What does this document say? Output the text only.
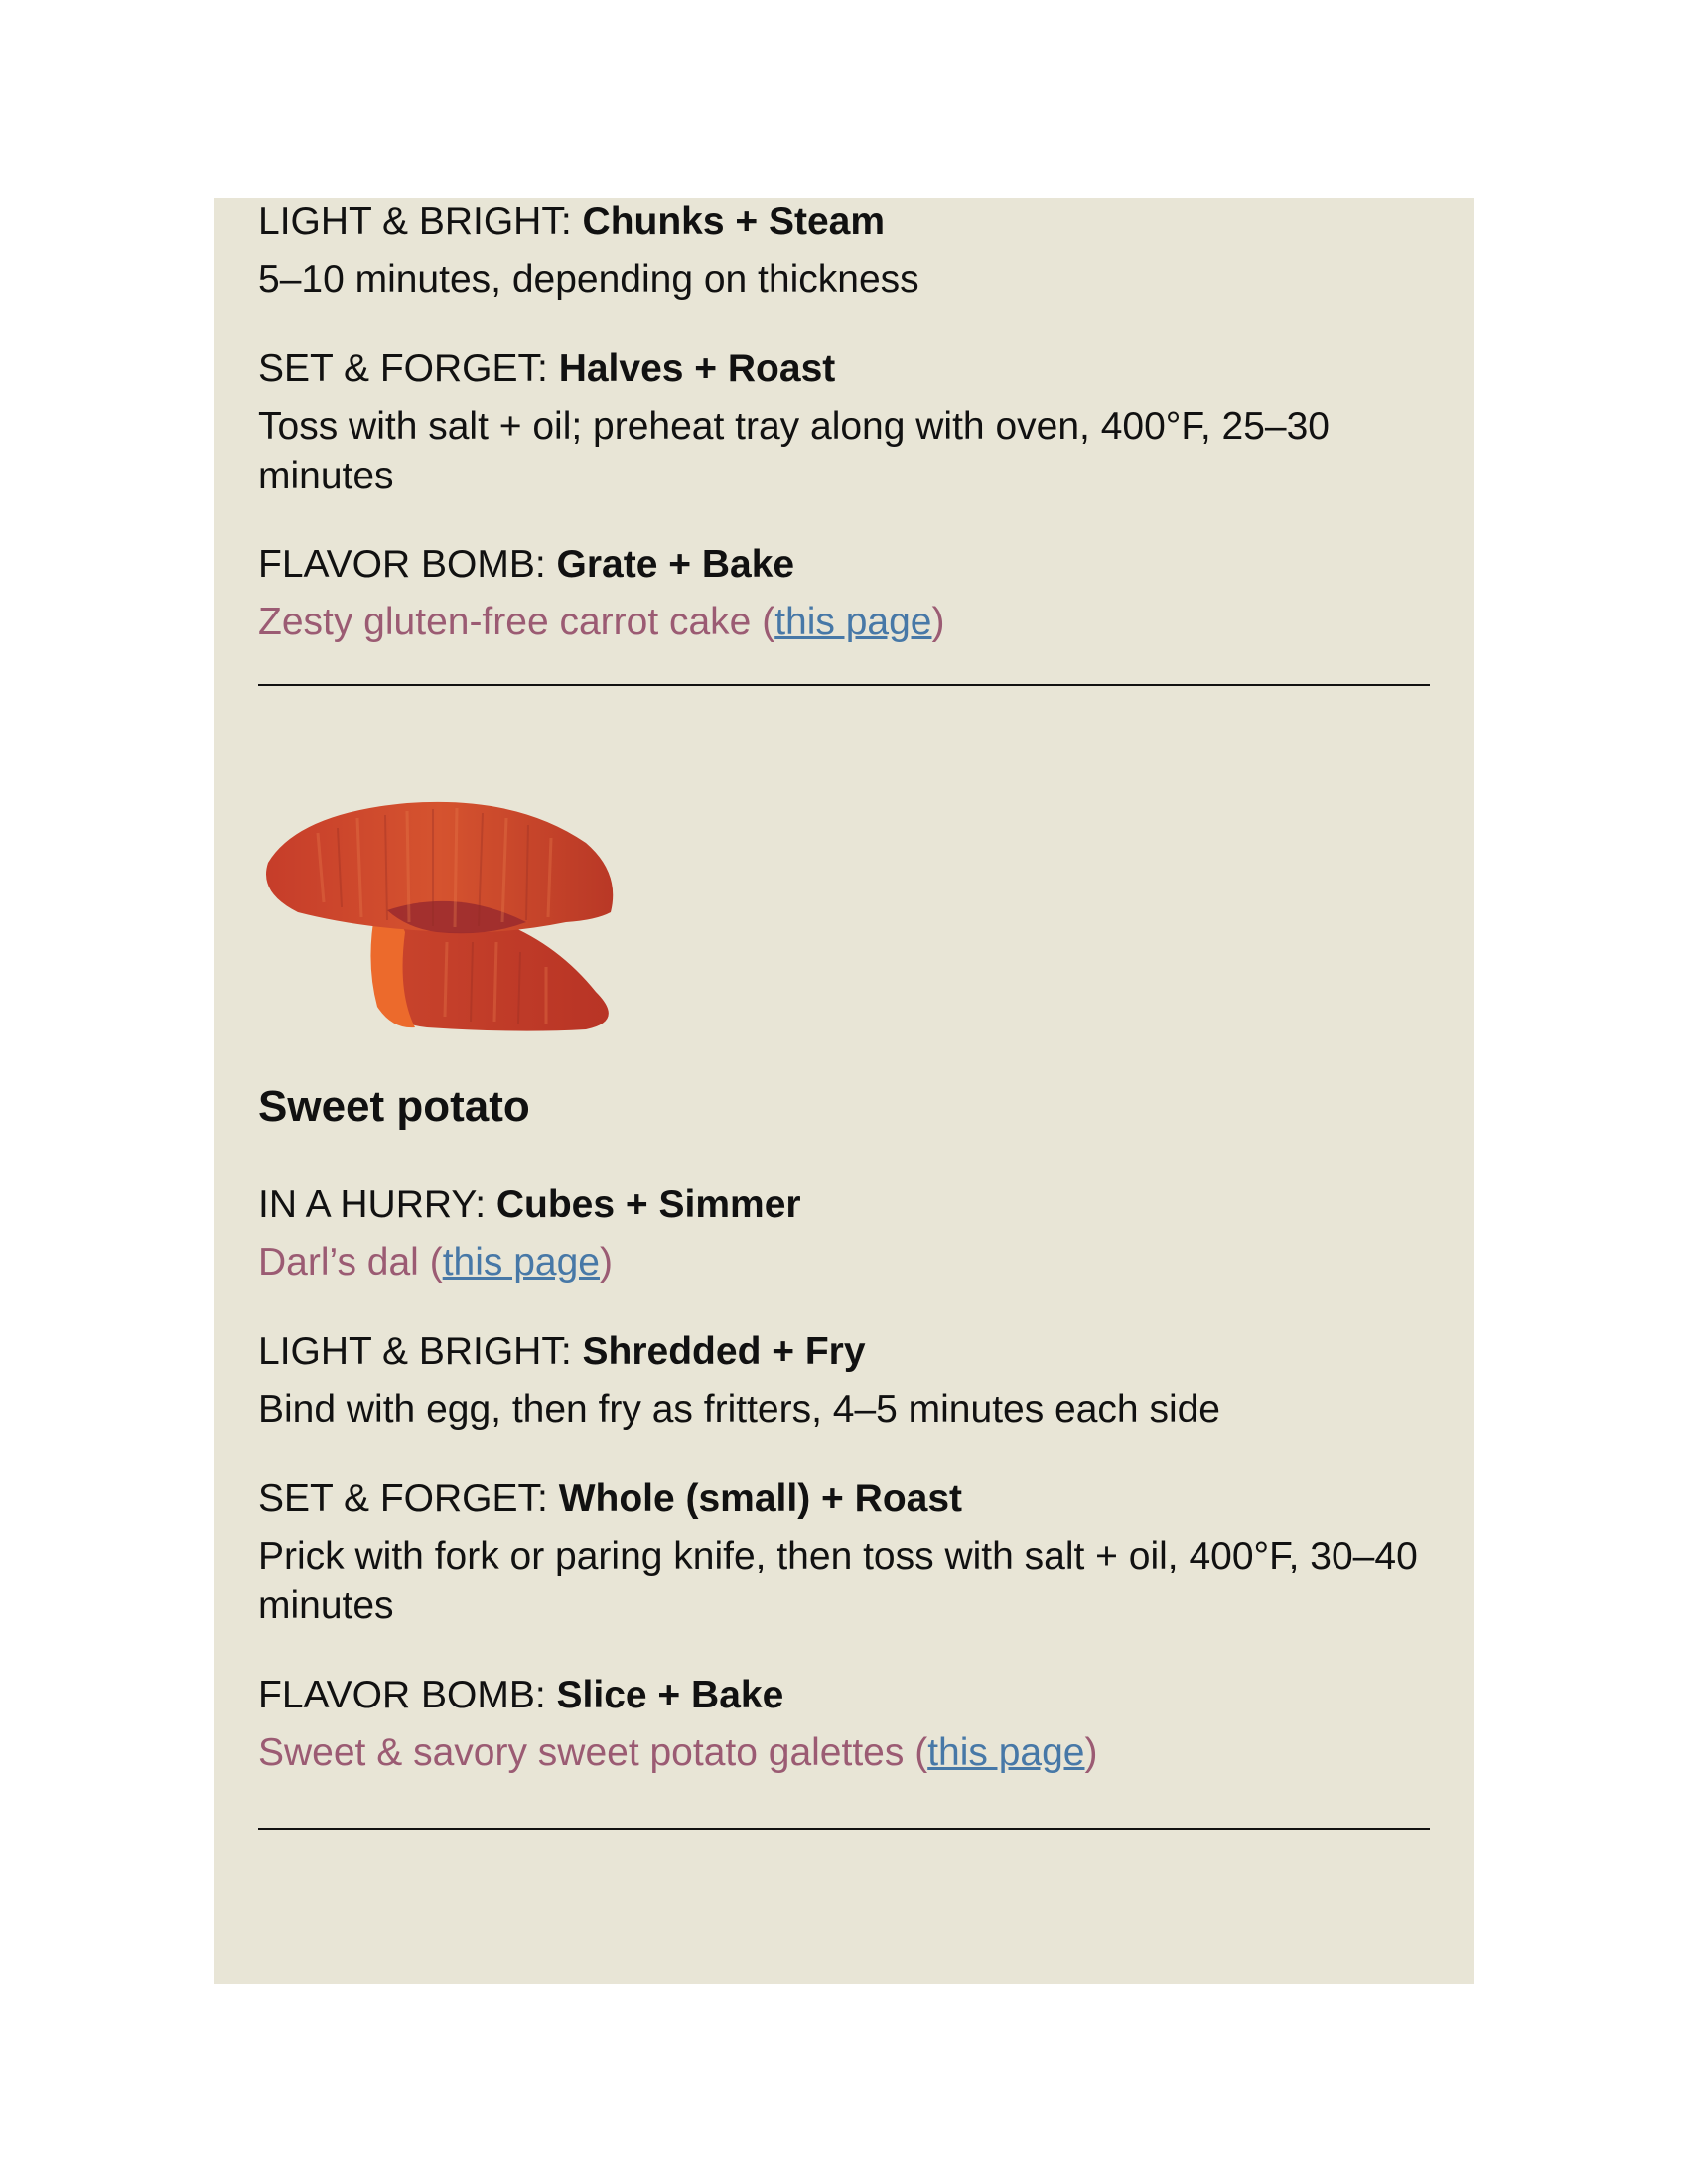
LIGHT & BRIGHT: Chunks + Steam
5–10 minutes, depending on thickness
SET & FORGET: Halves + Roast
Toss with salt + oil; preheat tray along with oven, 400°F, 25–30 minutes
FLAVOR BOMB: Grate + Bake
Zesty gluten-free carrot cake (this page)
Sweet potato
IN A HURRY: Cubes + Simmer
Darl’s dal (this page)
LIGHT & BRIGHT: Shredded + Fry
Bind with egg, then fry as fritters, 4–5 minutes each side
SET & FORGET: Whole (small) + Roast
Prick with fork or paring knife, then toss with salt + oil, 400°F, 30–40 minutes
FLAVOR BOMB: Slice + Bake
Sweet & savory sweet potato galettes (this page)
